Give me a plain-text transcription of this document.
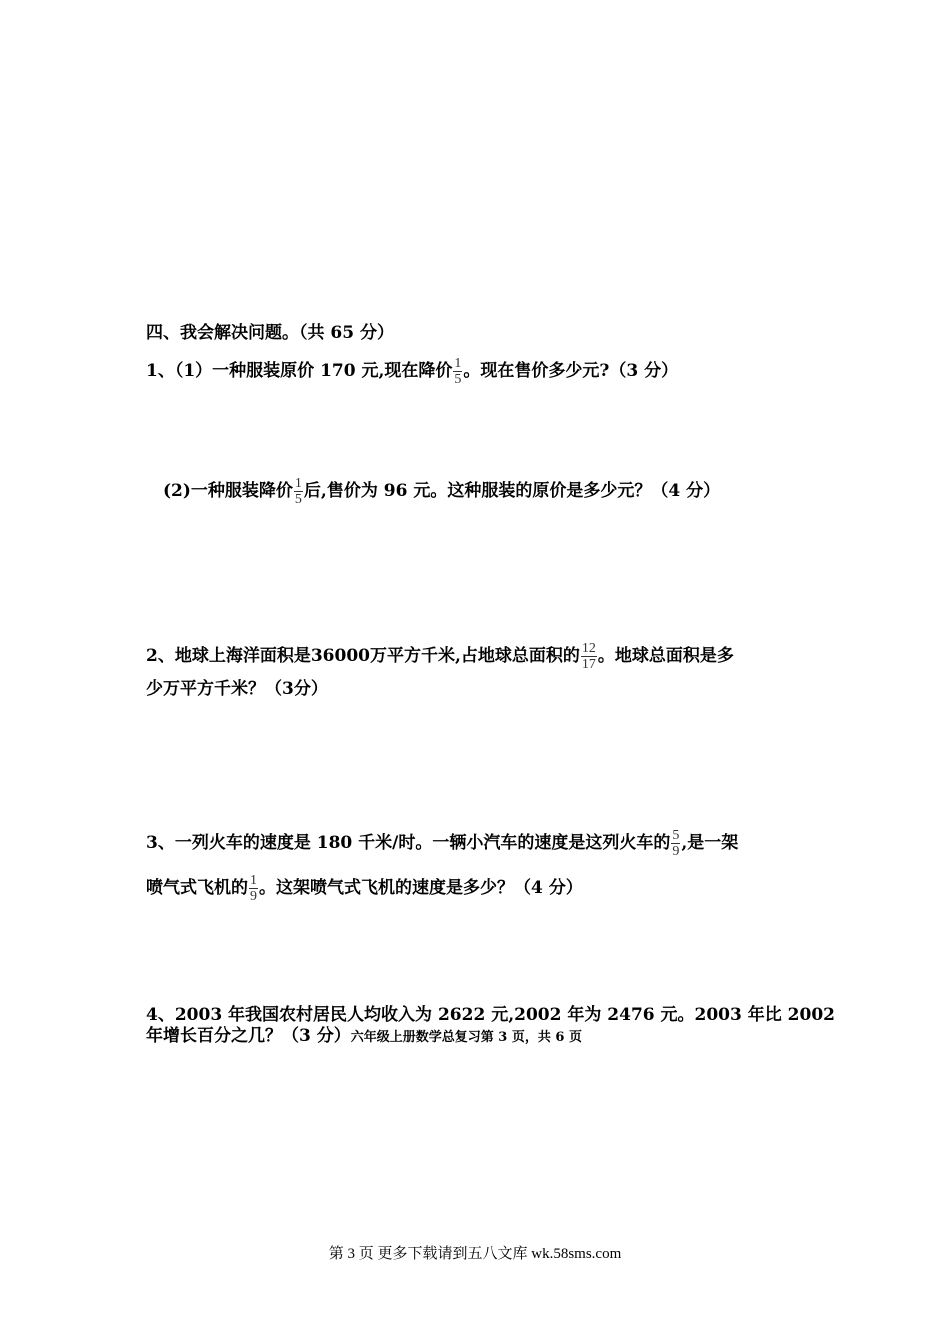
四、我会解决问题。（共 65 分）
1、（1）一种服装原价 170 元,现在降价 $\frac{1}{5}$ 。现在售价多少元?（3 分）
(2)一种服装降价 $\frac{1}{5}$ 后,售价为 96 元。这种服装的原价是多少元？（4 分）
2、地球上海洋面积是36000万平方千米,占地球总面积的 $\frac{12}{17}$ 。地球总面积是多
少万平方千米？（3分）
3、一列火车的速度是 180 千米/时。一辆小汽车的速度是这列火车的 $\frac{5}{9}$ ,是一架
喷气式飞机的 $\frac{1}{9}$ 。这架喷气式飞机的速度是多少？（4 分）
4、2003 年我国农村居民人均收入为 2622 元,2002 年为 2476 元。2003 年比 2002
年增长百分之几？（3 分）六年级上册数学总复习第 3 页，共 6 页
第 3 页 更多下载请到五八文库 wk.58sms.com
